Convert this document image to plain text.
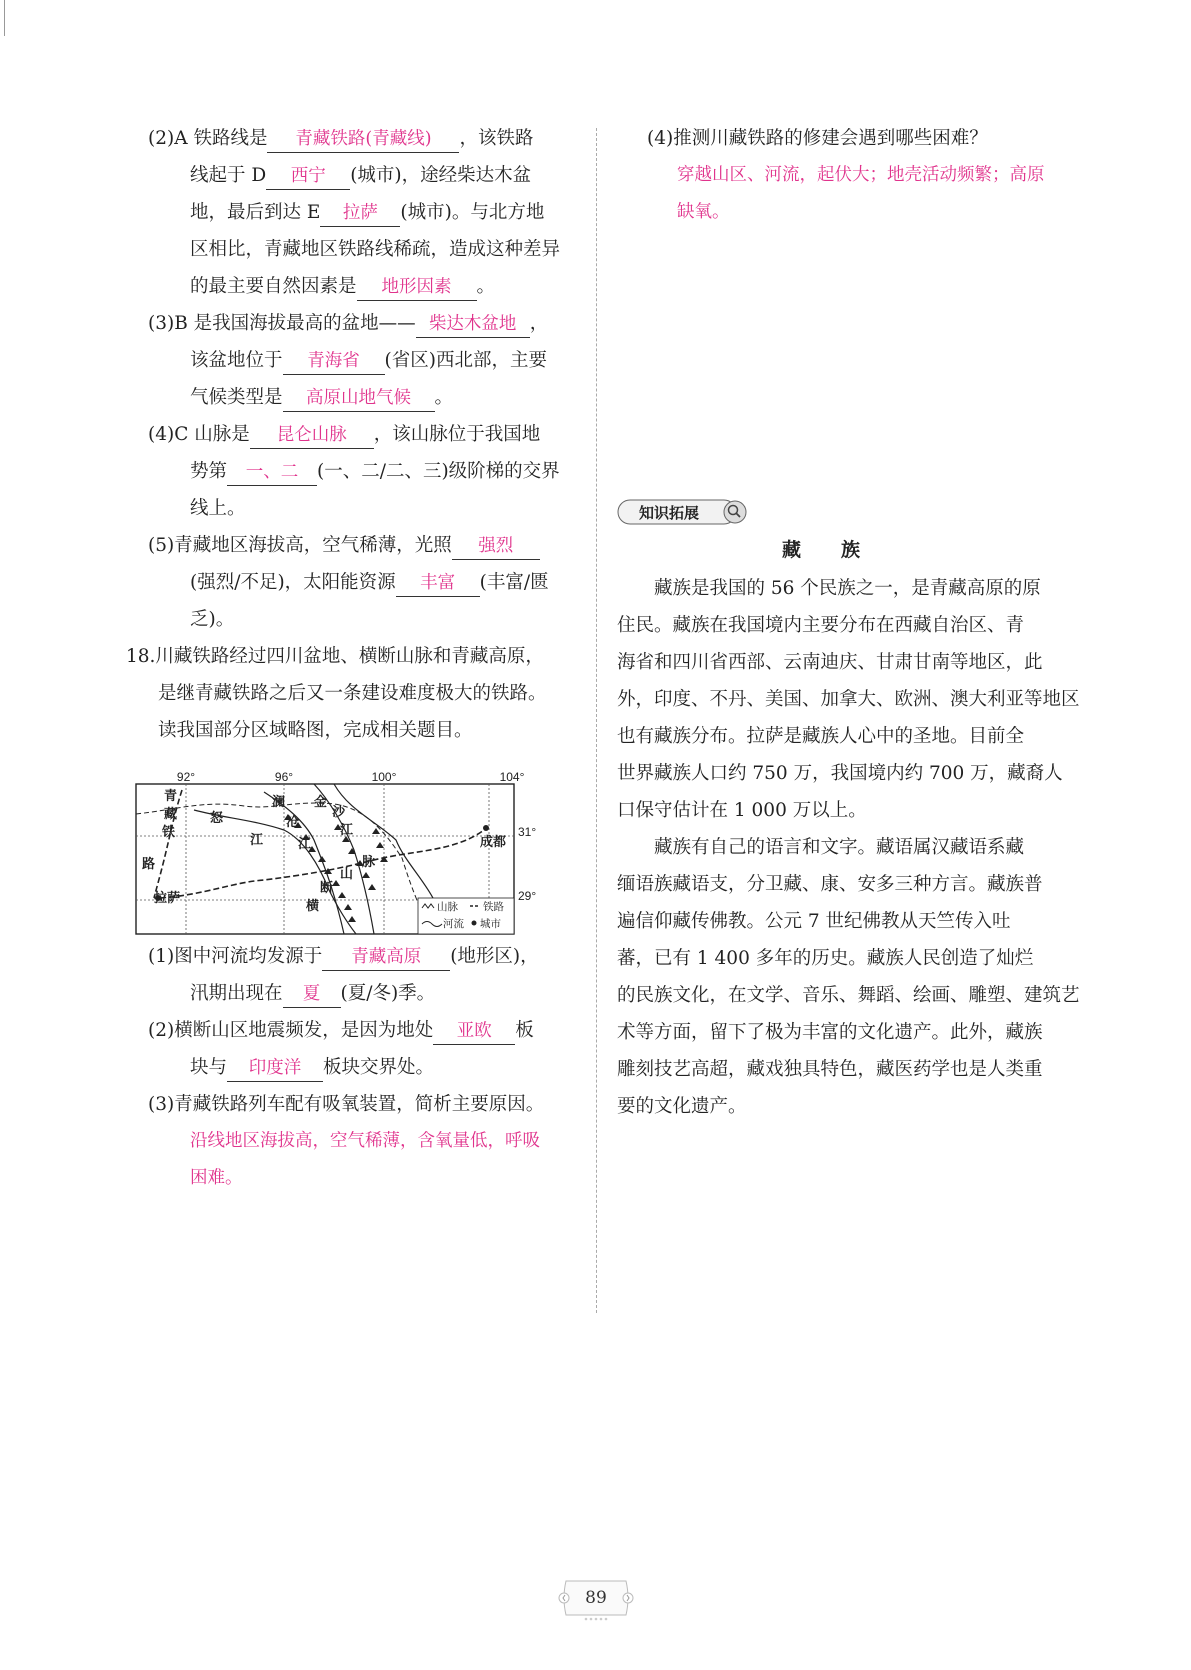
(2)A 铁路线是 青藏铁路(青藏线) ，该铁路
线起于 D 西宁 (城市)，途经柴达木盆
地，最后到达 E 拉萨 (城市)。与北方地
区相比，青藏地区铁路线稀疏，造成这种差异
的最主要自然因素是 地形因素 。
(3)B 是我国海拔最高的盆地—— 柴达木盆地 ，
该盆地位于 青海省 (省区)西北部，主要
气候类型是 高原山地气候 。
(4)C 山脉是 昆仑山脉 ，该山脉位于我国地
势第 一、二 (一、二/二、三)级阶梯的交界
线上。
(5)青藏地区海拔高，空气稀薄，光照 强烈
(强烈/不足)，太阳能资源 丰富 (丰富/匮
乏)。
18.川藏铁路经过四川盆地、横断山脉和青藏高原，
是继青藏铁路之后又一条建设难度极大的铁路。
读我国部分区域略图，完成相关题目。
92°	96°	100°	104°
31°
29°
青
藏
铁
路
怒
江
澜
沧
江
金
沙
江
横
断
山
脉
拉萨
成都
山脉 铁路
河流 城市
(1)图中河流均发源于 青藏高原 (地形区)，
汛期出现在 夏 (夏/冬)季。
(2)横断山区地震频发，是因为地处 亚欧 板
块与 印度洋 板块交界处。
(3)青藏铁路列车配有吸氧装置，简析主要原因。
沿线地区海拔高，空气稀薄，含氧量低，呼吸
困难。
(4)推测川藏铁路的修建会遇到哪些困难？
穿越山区、河流，起伏大；地壳活动频繁；高原
缺氧。
知识拓展
藏族
　　藏族是我国的 56 个民族之一，是青藏高原的原
住民。藏族在我国境内主要分布在西藏自治区、青
海省和四川省西部、云南迪庆、甘肃甘南等地区，此
外，印度、不丹、美国、加拿大、欧洲、澳大利亚等地区
也有藏族分布。拉萨是藏族人心中的圣地。目前全
世界藏族人口约 750 万，我国境内约 700 万，藏裔人
口保守估计在 1 000 万以上。
　　藏族有自己的语言和文字。藏语属汉藏语系藏
缅语族藏语支，分卫藏、康、安多三种方言。藏族普
遍信仰藏传佛教。公元 7 世纪佛教从天竺传入吐
蕃，已有 1 400 多年的历史。藏族人民创造了灿烂
的民族文化，在文学、音乐、舞蹈、绘画、雕塑、建筑艺
术等方面，留下了极为丰富的文化遗产。此外，藏族
雕刻技艺高超，藏戏独具特色，藏医药学也是人类重
要的文化遗产。
89
